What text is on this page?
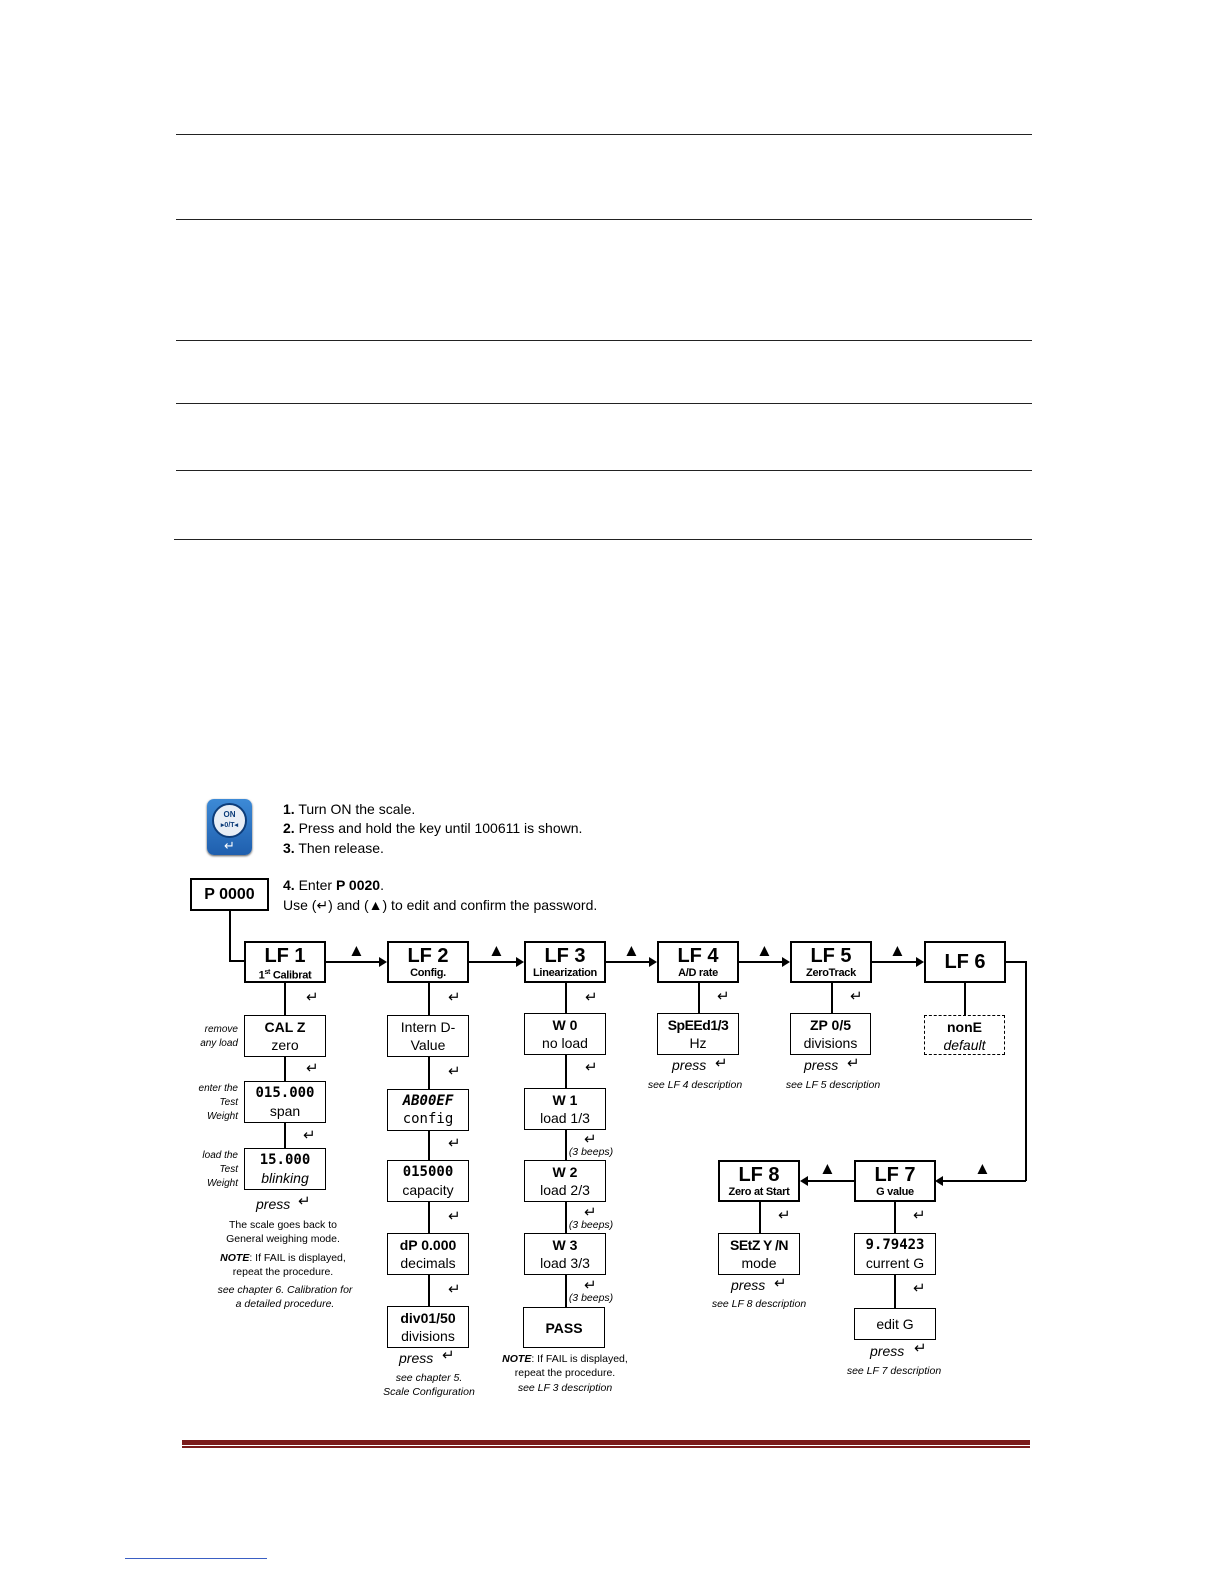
ON
▸0/T◂
↵
1. Turn ON the scale.
2. Press and hold the key until 100611 is shown.
3. Then release.
4. Enter P 0020.
Use (↵) and (▲) to edit and confirm the password.
P 0000
LF 1
1st Calibrat
LF 2
Config.
LF 3
Linearization
LF 4
A/D rate
LF 5
ZeroTrack	LF 6
▲	▲	▲	▲	▲
▲
↵
CAL Z
zero
remove
any load
↵
015.000
span
enter the
Test
Weight
↵
15.000
blinking
load the
Test
Weight
press ↵
The scale goes back to
General weighing mode.
NOTE: If FAIL is displayed,
repeat the procedure.
see chapter 6. Calibration for
a detailed procedure.
↵
Intern D-
Value
↵
AB00EF
config
↵
015000
capacity
↵
dP 0.000
decimals
↵
div01/50
divisions
press ↵
see chapter 5.
Scale Configuration
↵
W 0
no load
↵
W 1
load 1/3
↵
(3 beeps)
W 2
load 2/3
↵
(3 beeps)
W 3
load 3/3
↵
(3 beeps)
PASS
NOTE: If FAIL is displayed,
repeat the procedure.
see LF 3 description
↵
SpEEd1/3
Hz
press ↵
see LF 4 description
↵
ZP 0/5
divisions
press ↵
see LF 5 description
nonE
default
LF 7
G value
▲
↵
9.79423
current G
↵
edit G
press ↵
see LF 7 description
LF 8
Zero at Start
↵
SEtZ Y /N
mode
press ↵
see LF 8 description
